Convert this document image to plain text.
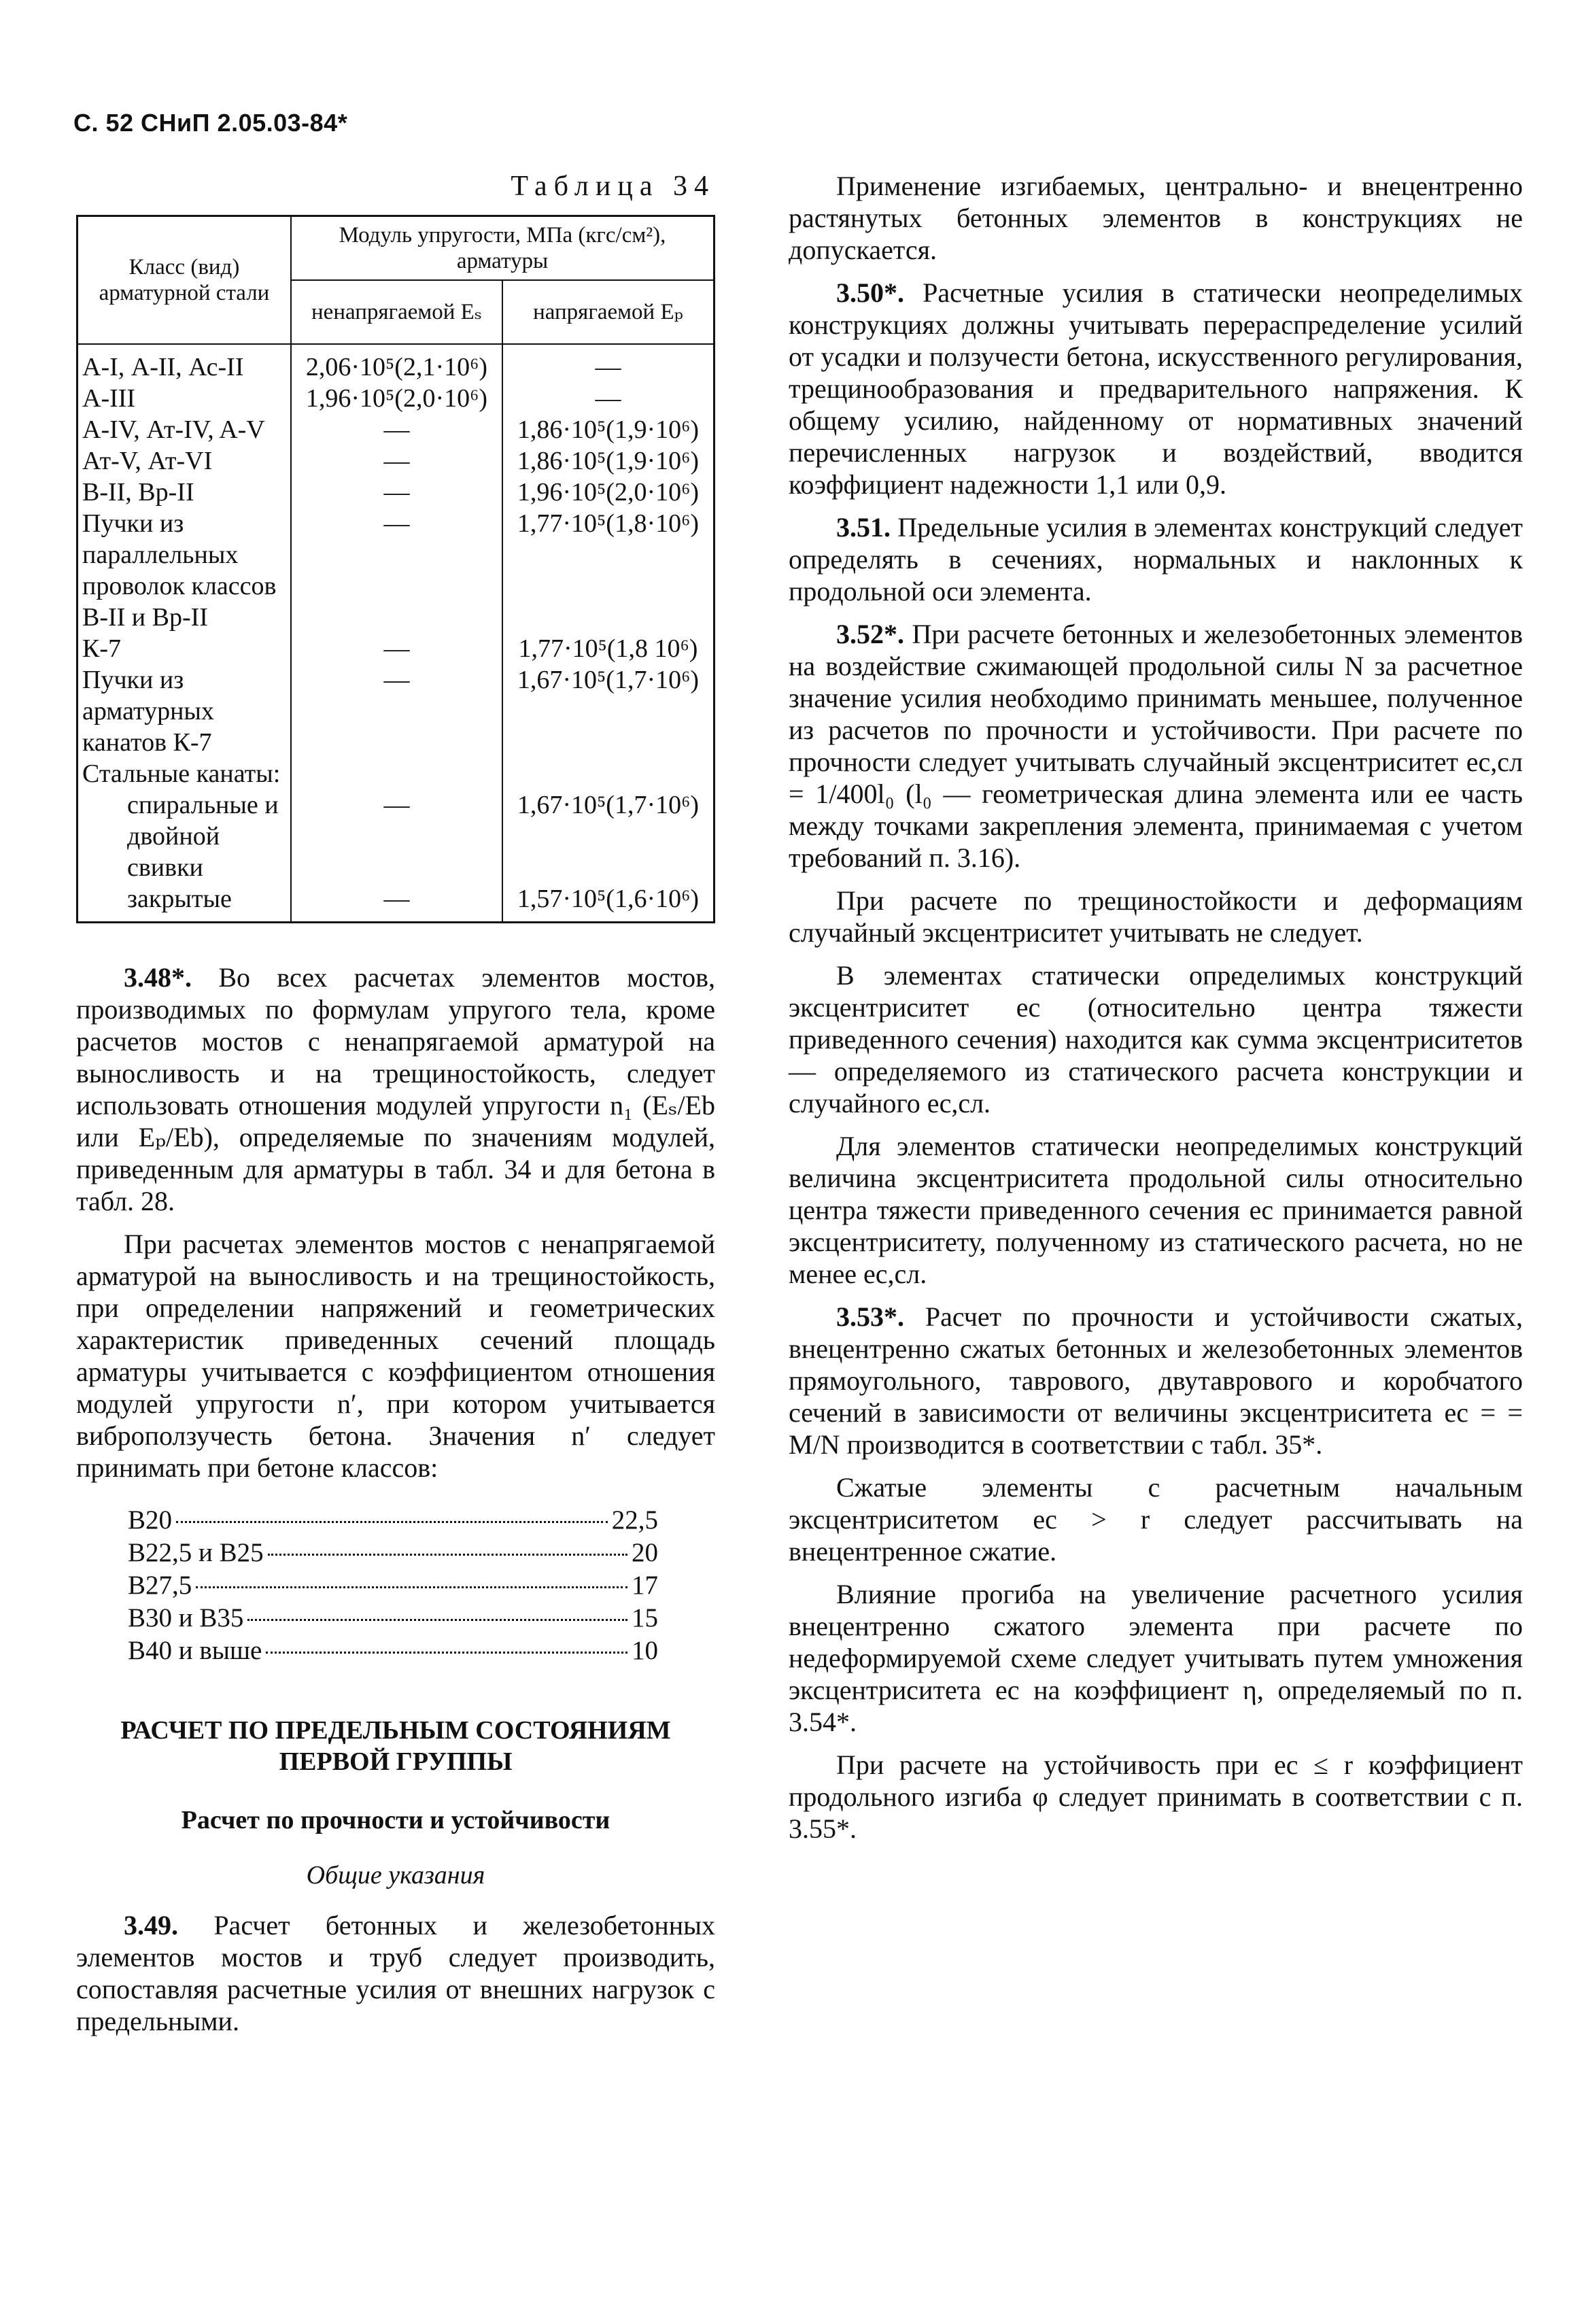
С. 52 СНиП 2.05.03-84*
Таблица 34
Класс (вид) арматурной стали	Модуль упругости, МПа (кгс/см²), арматуры	
	ненапрягаемой Eₛ	напрягаемой Eₚ
А-I, А-II, Ас-II	2,06·10⁵(2,1·10⁶)	—
А-III	1,96·10⁵(2,0·10⁶)	—
А-IV, Ат-IV, A-V	—	1,86·10⁵(1,9·10⁶)
Ат-V, Ат-VI	—	1,86·10⁵(1,9·10⁶)
В-II, Вр-II	—	1,96·10⁵(2,0·10⁶)
Пучки из параллельных проволок классов В-II и Вр-II	—	1,77·10⁵(1,8·10⁶)
К-7	—	1,77·10⁵(1,8 10⁶)
Пучки из арматурных канатов К-7	—	1,67·10⁵(1,7·10⁶)
Стальные канаты:		
спиральные и двойной свивки	—	1,67·10⁵(1,7·10⁶)
закрытые	—	1,57·10⁵(1,6·10⁶)

3.48*. Во всех расчетах элементов мостов, производимых по формулам упругого тела, кроме расчетов мостов с ненапрягаемой арматурой на выносливость и на трещиностойкость, следует использовать отношения модулей упругости n₁ (Eₛ/Eb или Eₚ/Eb), определяемые по значениям модулей, приведенным для арматуры в табл. 34 и для бетона в табл. 28.

При расчетах элементов мостов с ненапрягаемой арматурой на выносливость и на трещиностойкость, при определении напряжений и геометрических характеристик приведенных сечений площадь арматуры учитывается с коэффициентом отношения модулей упругости n′, при котором учитывается виброползучесть бетона. Значения n′ следует принимать при бетоне классов:

В20	22,5
В22,5 и В25	20
В27,5	17
В30 и В35	15
В40 и выше	10
РАСЧЕТ ПО ПРЕДЕЛЬНЫМ СОСТОЯНИЯМ ПЕРВОЙ ГРУППЫ
Расчет по прочности и устойчивости
Общие указания

3.49. Расчет бетонных и железобетонных элементов мостов и труб следует производить, сопоставляя расчетные усилия от внешних нагрузок с предельными.

Применение изгибаемых, центрально- и внецентренно растянутых бетонных элементов в конструкциях не допускается.

3.50*. Расчетные усилия в статически неопределимых конструкциях должны учитывать перераспределение усилий от усадки и ползучести бетона, искусственного регулирования, трещинообразования и предварительного напряжения. К общему усилию, найденному от нормативных значений перечисленных нагрузок и воздействий, вводится коэффициент надежности 1,1 или 0,9.

3.51. Предельные усилия в элементах конструкций следует определять в сечениях, нормальных и наклонных к продольной оси элемента.

3.52*. При расчете бетонных и железобетонных элементов на воздействие сжимающей продольной силы N за расчетное значение усилия необходимо принимать меньшее, полученное из расчетов по прочности и устойчивости. При расчете по прочности следует учитывать случайный эксцентриситет ec,сл = 1/400l₀ (l₀ — геометрическая длина элемента или ее часть между точками закрепления элемента, принимаемая с учетом требований п. 3.16).

При расчете по трещиностойкости и деформациям случайный эксцентриситет учитывать не следует.

В элементах статически определимых конструкций эксцентриситет ec (относительно центра тяжести приведенного сечения) находится как сумма эксцентриситетов — определяемого из статического расчета конструкции и случайного ec,сл.

Для элементов статически неопределимых конструкций величина эксцентриситета продольной силы относительно центра тяжести приведенного сечения ec принимается равной эксцентриситету, полученному из статического расчета, но не менее ec,сл.

3.53*. Расчет по прочности и устойчивости сжатых, внецентренно сжатых бетонных и железобетонных элементов прямоугольного, таврового, двутаврового и коробчатого сечений в зависимости от величины эксцентриситета ec = = M/N производится в соответствии с табл. 35*.

Сжатые элементы с расчетным начальным эксцентриситетом ec > r следует рассчитывать на внецентренное сжатие.

Влияние прогиба на увеличение расчетного усилия внецентренно сжатого элемента при расчете по недеформируемой схеме следует учитывать путем умножения эксцентриситета ec на коэффициент η, определяемый по п. 3.54*.

При расчете на устойчивость при ec ≤ r коэффициент продольного изгиба φ следует принимать в соответствии с п. 3.55*.
